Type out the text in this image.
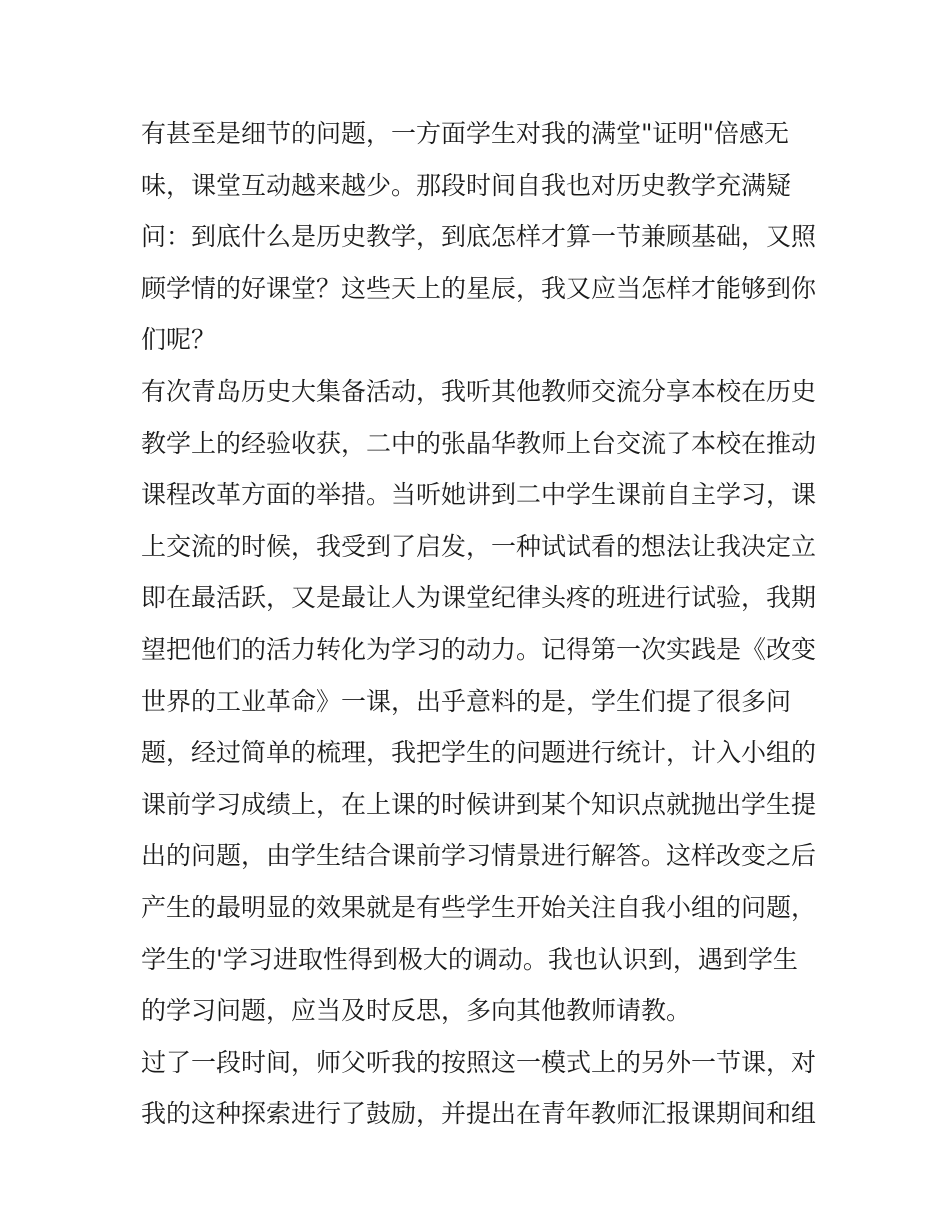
有甚至是细节的问题，一方面学生对我的满堂"证明"倍感无
味，课堂互动越来越少。那段时间自我也对历史教学充满疑
问：到底什么是历史教学，到底怎样才算一节兼顾基础，又照
顾学情的好课堂？这些天上的星辰，我又应当怎样才能够到你
们呢？
有次青岛历史大集备活动，我听其他教师交流分享本校在历史
教学上的经验收获，二中的张晶华教师上台交流了本校在推动
课程改革方面的举措。当听她讲到二中学生课前自主学习，课
上交流的时候，我受到了启发，一种试试看的想法让我决定立
即在最活跃，又是最让人为课堂纪律头疼的班进行试验，我期
望把他们的活力转化为学习的动力。记得第一次实践是《改变
世界的工业革命》一课，出乎意料的是，学生们提了很多问
题，经过简单的梳理，我把学生的问题进行统计，计入小组的
课前学习成绩上，在上课的时候讲到某个知识点就抛出学生提
出的问题，由学生结合课前学习情景进行解答。这样改变之后
产生的最明显的效果就是有些学生开始关注自我小组的问题，
学生的'学习进取性得到极大的调动。我也认识到，遇到学生
的学习问题，应当及时反思，多向其他教师请教。
过了一段时间，师父听我的按照这一模式上的另外一节课，对
我的这种探索进行了鼓励，并提出在青年教师汇报课期间和组
